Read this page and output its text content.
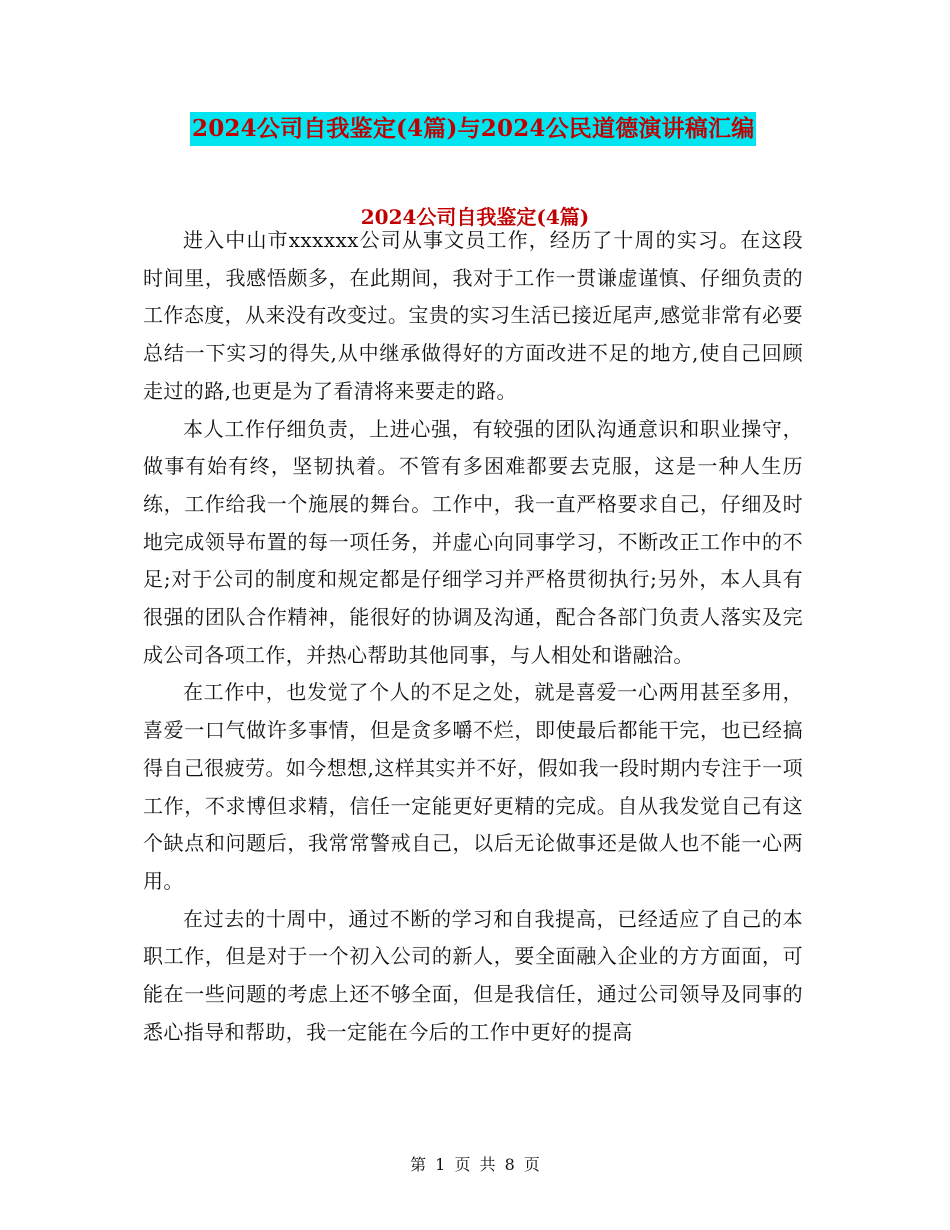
2024公司自我鉴定(4篇)与2024公民道德演讲稿汇编
2024公司自我鉴定(4篇)

进入中山市xxxxxx公司从事文员工作，经历了十周的实习。在这段时间里，我感悟颇多，在此期间，我对于工作一贯谦虚谨慎、仔细负责的工作态度，从来没有改变过。宝贵的实习生活已接近尾声,感觉非常有必要总结一下实习的得失,从中继承做得好的方面改进不足的地方,使自己回顾走过的路,也更是为了看清将来要走的路。

本人工作仔细负责，上进心强，有较强的团队沟通意识和职业操守，做事有始有终，坚韧执着。不管有多困难都要去克服，这是一种人生历练，工作给我一个施展的舞台。工作中，我一直严格要求自己，仔细及时地完成领导布置的每一项任务，并虚心向同事学习，不断改正工作中的不足;对于公司的制度和规定都是仔细学习并严格贯彻执行;另外，本人具有很强的团队合作精神，能很好的协调及沟通，配合各部门负责人落实及完成公司各项工作，并热心帮助其他同事，与人相处和谐融洽。

在工作中，也发觉了个人的不足之处，就是喜爱一心两用甚至多用，喜爱一口气做许多事情，但是贪多嚼不烂，即使最后都能干完，也已经搞得自己很疲劳。如今想想,这样其实并不好，假如我一段时期内专注于一项工作，不求博但求精，信任一定能更好更精的完成。自从我发觉自己有这个缺点和问题后，我常常警戒自己，以后无论做事还是做人也不能一心两用。

在过去的十周中，通过不断的学习和自我提高，已经适应了自己的本职工作，但是对于一个初入公司的新人，要全面融入企业的方方面面，可能在一些问题的考虑上还不够全面，但是我信任，通过公司领导及同事的悉心指导和帮助，我一定能在今后的工作中更好的提高

第 1 页 共 8 页
